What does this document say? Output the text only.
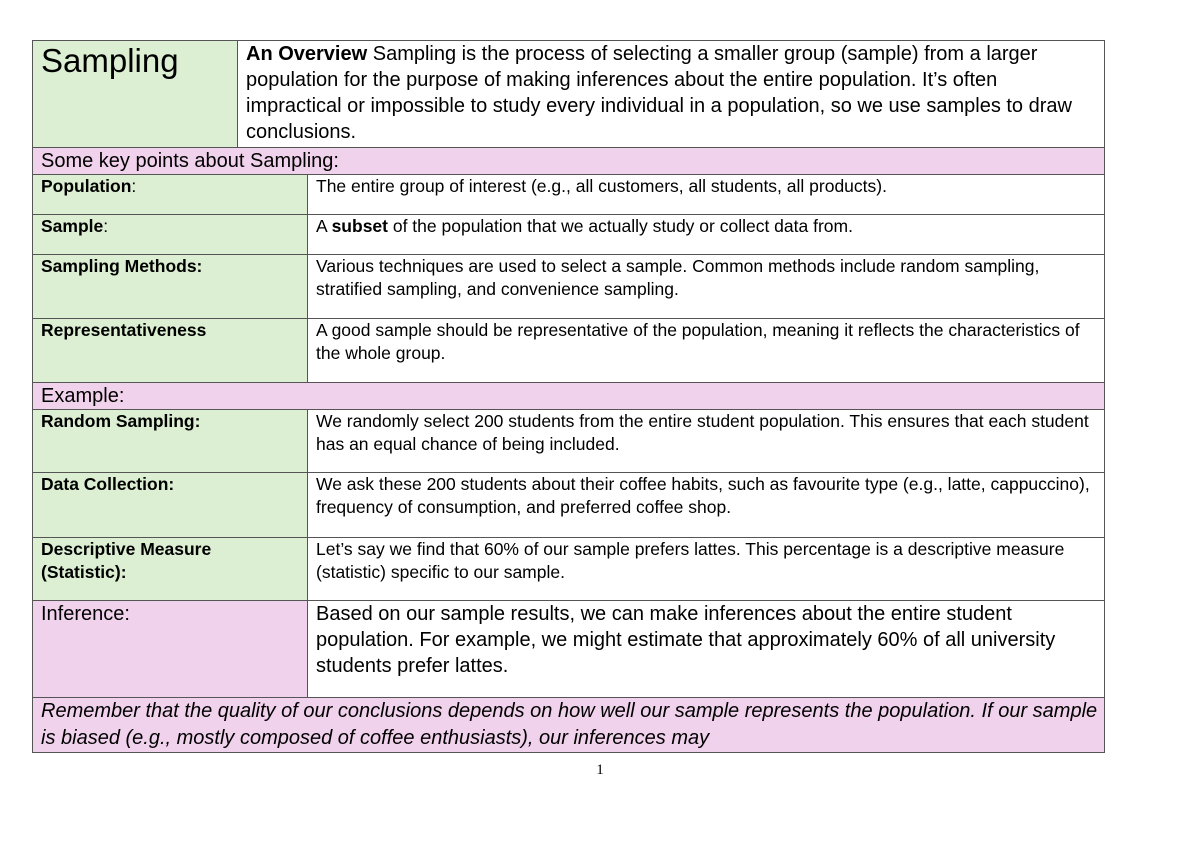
Sampling	An Overview Sampling is the process of selecting a smaller group (sample) from a larger population for the purpose of making inferences about the entire population. It’s often impractical or impossible to study every individual in a population, so we use samples to draw conclusions.	
Some key points about Sampling:		
Population:		The entire group of interest (e.g., all customers, all students, all products).
Sample:		A subset of the population that we actually study or collect data from.
Sampling Methods:		Various techniques are used to select a sample. Common methods include random sampling, stratified sampling, and convenience sampling.
Representativeness		A good sample should be representative of the population, meaning it reflects the characteristics of the whole group.
Example:		
Random Sampling:		We randomly select 200 students from the entire student population. This ensures that each student has an equal chance of being included.
Data Collection:		We ask these 200 students about their coffee habits, such as favourite type (e.g., latte, cappuccino), frequency of consumption, and preferred coffee shop.
Descriptive Measure (Statistic):		Let’s say we find that 60% of our sample prefers lattes. This percentage is a descriptive measure (statistic) specific to our sample.
Inference:		Based on our sample results, we can make inferences about the entire student population. For example, we might estimate that approximately 60% of all university students prefer lattes.
Remember that the quality of our conclusions depends on how well our sample represents the population. If our sample is biased (e.g., mostly composed of coffee enthusiasts), our inferences may		
1
